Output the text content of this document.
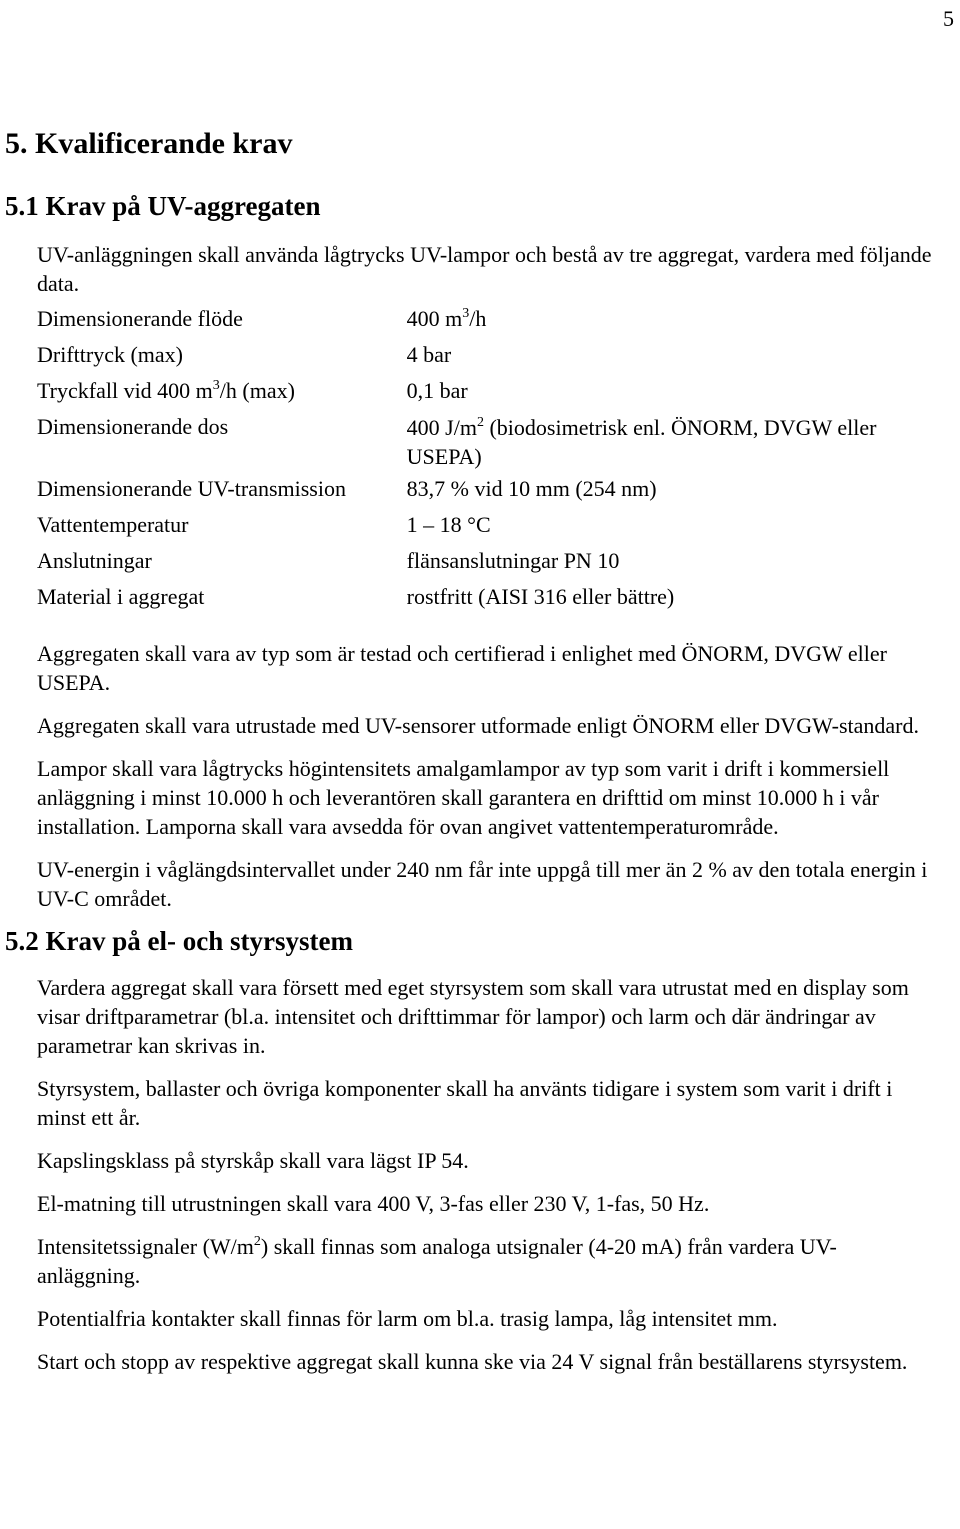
5
5. Kvalificerande krav
5.1 Krav på UV-aggregaten

UV-anläggningen skall använda lågtrycks UV-lampor och bestå av tre aggregat, vardera med följande data.

Dimensionerande flöde	400 $m^3/h$
Drifttryck (max)	4 bar
Tryckfall vid 400 $m^3/h$ (max)	0,1 bar
Dimensionerande dos	400 $J/m^2$ (biodosimetrisk enl. ÖNORM, DVGW eller USEPA)
Dimensionerande UV-transmission	83,7 % vid 10 mm (254 nm)
Vattentemperatur	1 – 18 °C
Anslutningar	flänsanslutningar PN 10
Material i aggregat	rostfritt (AISI 316 eller bättre)

Aggregaten skall vara av typ som är testad och certifierad i enlighet med ÖNORM, DVGW eller USEPA.

Aggregaten skall vara utrustade med UV-sensorer utformade enligt ÖNORM eller DVGW-standard.

Lampor skall vara lågtrycks högintensitets amalgamlampor av typ som varit i drift i kommersiell anläggning i minst 10.000 h och leverantören skall garantera en drifttid om minst 10.000 h i vår installation. Lamporna skall vara avsedda för ovan angivet vattentemperaturområde.

UV-energin i våglängdsintervallet under 240 nm får inte uppgå till mer än 2 % av den totala energin i UV-C området.

5.2 Krav på el- och styrsystem

Vardera aggregat skall vara försett med eget styrsystem som skall vara utrustat med en display som visar driftparametrar (bl.a. intensitet och drifttimmar för lampor) och larm och där ändringar av parametrar kan skrivas in.

Styrsystem, ballaster och övriga komponenter skall ha använts tidigare i system som varit i drift i minst ett år.

Kapslingsklass på styrskåp skall vara lägst IP 54.

El-matning till utrustningen skall vara 400 V, 3-fas eller 230 V, 1-fas, 50 Hz.

Intensitetssignaler $(W/m^2)$ skall finnas som analoga utsignaler (4-20 mA) från vardera UV-anläggning.

Potentialfria kontakter skall finnas för larm om bl.a. trasig lampa, låg intensitet mm.

Start och stopp av respektive aggregat skall kunna ske via 24 V signal från beställarens styrsystem.
